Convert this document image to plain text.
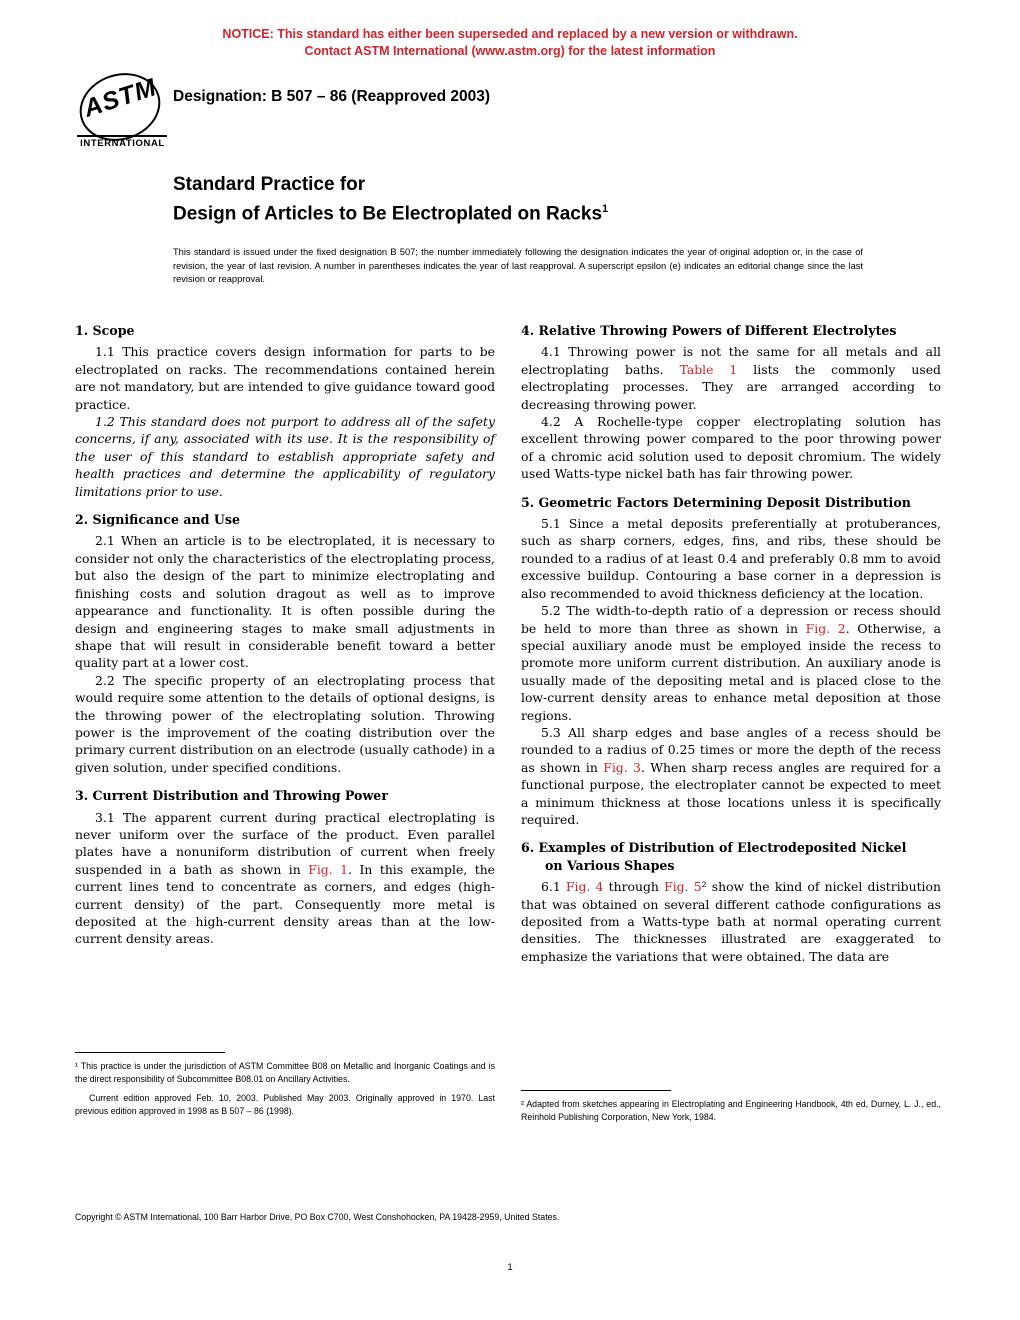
NOTICE: This standard has either been superseded and replaced by a new version or withdrawn.
Contact ASTM International (www.astm.org) for the latest information
ASTM
INTERNATIONAL
Designation: B 507 – 86 (Reapproved 2003)
Standard Practice for
Design of Articles to Be Electroplated on Racks$^1$
This standard is issued under the fixed designation B 507; the number immediately following the designation indicates the year of original adoption or, in the case of revision, the year of last revision. A number in parentheses indicates the year of last reapproval. A superscript epsilon (e) indicates an editorial change since the last revision or reapproval.
1. Scope

1.1 This practice covers design information for parts to be electroplated on racks. The recommendations contained herein are not mandatory, but are intended to give guidance toward good practice.

1.2 This standard does not purport to address all of the safety concerns, if any, associated with its use. It is the responsibility of the user of this standard to establish appropriate safety and health practices and determine the applicability of regulatory limitations prior to use.

2. Significance and Use

2.1 When an article is to be electroplated, it is necessary to consider not only the characteristics of the electroplating process, but also the design of the part to minimize electroplating and finishing costs and solution dragout as well as to improve appearance and functionality. It is often possible during the design and engineering stages to make small adjustments in shape that will result in considerable benefit toward a better quality part at a lower cost.

2.2 The specific property of an electroplating process that would require some attention to the details of optional designs, is the throwing power of the electroplating solution. Throwing power is the improvement of the coating distribution over the primary current distribution on an electrode (usually cathode) in a given solution, under specified conditions.

3. Current Distribution and Throwing Power

3.1 The apparent current during practical electroplating is never uniform over the surface of the product. Even parallel plates have a nonuniform distribution of current when freely suspended in a bath as shown in Fig. 1. In this example, the current lines tend to concentrate as corners, and edges (high-current density) of the part. Consequently more metal is deposited at the high-current density areas than at the low-current density areas.

4. Relative Throwing Powers of Different Electrolytes

4.1 Throwing power is not the same for all metals and all electroplating baths. Table 1 lists the commonly used electroplating processes. They are arranged according to decreasing throwing power.

4.2 A Rochelle-type copper electroplating solution has excellent throwing power compared to the poor throwing power of a chromic acid solution used to deposit chromium. The widely used Watts-type nickel bath has fair throwing power.

5. Geometric Factors Determining Deposit Distribution

5.1 Since a metal deposits preferentially at protuberances, such as sharp corners, edges, fins, and ribs, these should be rounded to a radius of at least 0.4 and preferably 0.8 mm to avoid excessive buildup. Contouring a base corner in a depression is also recommended to avoid thickness deficiency at the location.

5.2 The width-to-depth ratio of a depression or recess should be held to more than three as shown in Fig. 2. Otherwise, a special auxiliary anode must be employed inside the recess to promote more uniform current distribution. An auxiliary anode is usually made of the depositing metal and is placed close to the low-current density areas to enhance metal deposition at those regions.

5.3 All sharp edges and base angles of a recess should be rounded to a radius of 0.25 times or more the depth of the recess as shown in Fig. 3. When sharp recess angles are required for a functional purpose, the electroplater cannot be expected to meet a minimum thickness at those locations unless it is specifically required.

6. Examples of Distribution of Electrodeposited Nickel
on Various Shapes

6.1 Fig. 4 through Fig. 5² show the kind of nickel distribution that was obtained on several different cathode configurations as deposited from a Watts-type bath at normal operating current densities. The thicknesses illustrated are exaggerated to emphasize the variations that were obtained. The data are

¹ This practice is under the jurisdiction of ASTM Committee B08 on Metallic and Inorganic Coatings and is the direct responsibility of Subcommittee B08.01 on Ancillary Activities.

Current edition approved Feb. 10, 2003. Published May 2003. Originally approved in 1970. Last previous edition approved in 1998 as B 507 – 86 (1998).

² Adapted from sketches appearing in Electroplating and Engineering Handbook, 4th ed, Durney, L. J., ed., Reinhold Publishing Corporation, New York, 1984.

Copyright © ASTM International, 100 Barr Harbor Drive, PO Box C700, West Conshohocken, PA 19428-2959, United States.
1
